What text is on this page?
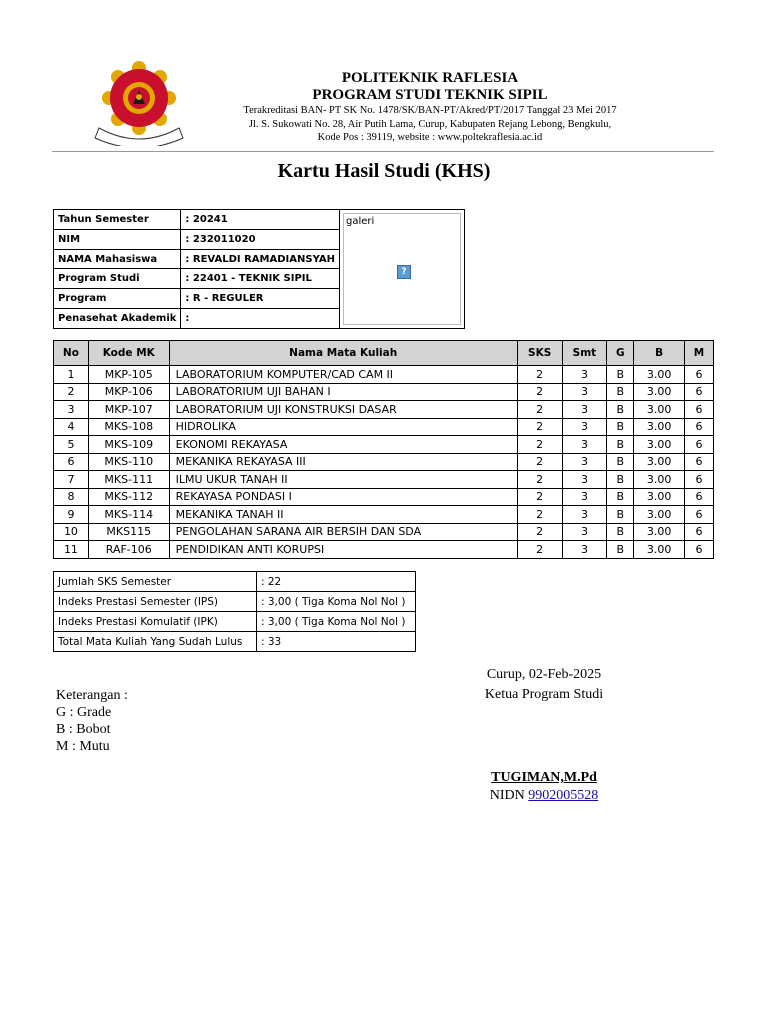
POLITEKNIK RAFLESIA
PROGRAM STUDI TEKNIK SIPIL
Terakreditasi BAN- PT SK No. 1478/SK/BAN-PT/Akred/PT/2017 Tanggal 23 Mei 2017
Jl. S. Sukowati No. 28, Air Putih Lama, Curup, Kabupaten Rejang Lebong, Bengkulu,
Kode Pos : 39119, website : www.poltekraflesia.ac.id
Kartu Hasil Studi (KHS)
Tahun Semester	: 20241	galeri
?

NIM	: 232011020	
NAMA Mahasiswa	: REVALDI RAMADIANSYAH	
Program Studi	: 22401 - TEKNIK SIPIL	
Program	: R - REGULER	
Penasehat Akademik	:	
No	Kode MK	Nama Mata Kuliah	SKS	Smt	G	B	M
1	MKP-105	LABORATORIUM KOMPUTER/CAD CAM II	2	3	B	3.00	6
2	MKP-106	LABORATORIUM UJI BAHAN I	2	3	B	3.00	6
3	MKP-107	LABORATORIUM UJI KONSTRUKSI DASAR	2	3	B	3.00	6
4	MKS-108	HIDROLIKA	2	3	B	3.00	6
5	MKS-109	EKONOMI REKAYASA	2	3	B	3.00	6
6	MKS-110	MEKANIKA REKAYASA III	2	3	B	3.00	6
7	MKS-111	ILMU UKUR TANAH II	2	3	B	3.00	6
8	MKS-112	REKAYASA PONDASI I	2	3	B	3.00	6
9	MKS-114	MEKANIKA TANAH II	2	3	B	3.00	6
10	MKS115	PENGOLAHAN SARANA AIR BERSIH DAN SDA	2	3	B	3.00	6
11	RAF-106	PENDIDIKAN ANTI KORUPSI	2	3	B	3.00	6
Jumlah SKS Semester	: 22
Indeks Prestasi Semester (IPS)	: 3,00 ( Tiga Koma Nol Nol )
Indeks Prestasi Komulatif (IPK)	: 3,00 ( Tiga Koma Nol Nol )
Total Mata Kuliah Yang Sudah Lulus	: 33
Keterangan :
G : Grade
B : Bobot
M : Mutu
Curup, 02-Feb-2025
Ketua Program Studi
TUGIMAN,M.Pd
NIDN 9902005528
